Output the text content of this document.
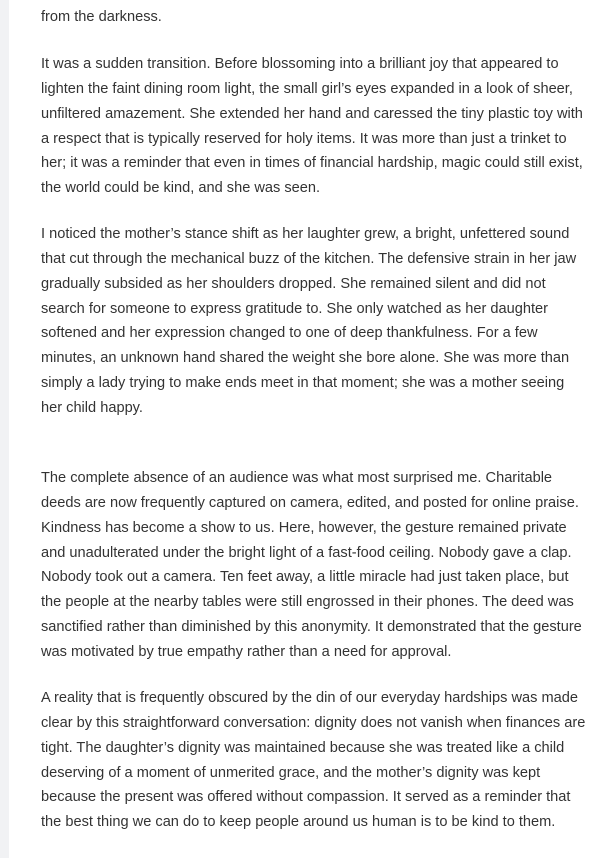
from the darkness.

It was a sudden transition. Before blossoming into a brilliant joy that appeared to lighten the faint dining room light, the small girl’s eyes expanded in a look of sheer, unfiltered amazement. She extended her hand and caressed the tiny plastic toy with a respect that is typically reserved for holy items. It was more than just a trinket to her; it was a reminder that even in times of financial hardship, magic could still exist, the world could be kind, and she was seen.

I noticed the mother’s stance shift as her laughter grew, a bright, unfettered sound that cut through the mechanical buzz of the kitchen. The defensive strain in her jaw gradually subsided as her shoulders dropped. She remained silent and did not search for someone to express gratitude to. She only watched as her daughter softened and her expression changed to one of deep thankfulness. For a few minutes, an unknown hand shared the weight she bore alone. She was more than simply a lady trying to make ends meet in that moment; she was a mother seeing her child happy.

The complete absence of an audience was what most surprised me. Charitable deeds are now frequently captured on camera, edited, and posted for online praise. Kindness has become a show to us. Here, however, the gesture remained private and unadulterated under the bright light of a fast-food ceiling. Nobody gave a clap. Nobody took out a camera. Ten feet away, a little miracle had just taken place, but the people at the nearby tables were still engrossed in their phones. The deed was sanctified rather than diminished by this anonymity. It demonstrated that the gesture was motivated by true empathy rather than a need for approval.

A reality that is frequently obscured by the din of our everyday hardships was made clear by this straightforward conversation: dignity does not vanish when finances are tight. The daughter’s dignity was maintained because she was treated like a child deserving of a moment of unmerited grace, and the mother’s dignity was kept because the present was offered without compassion. It served as a reminder that the best thing we can do to keep people around us human is to be kind to them.
